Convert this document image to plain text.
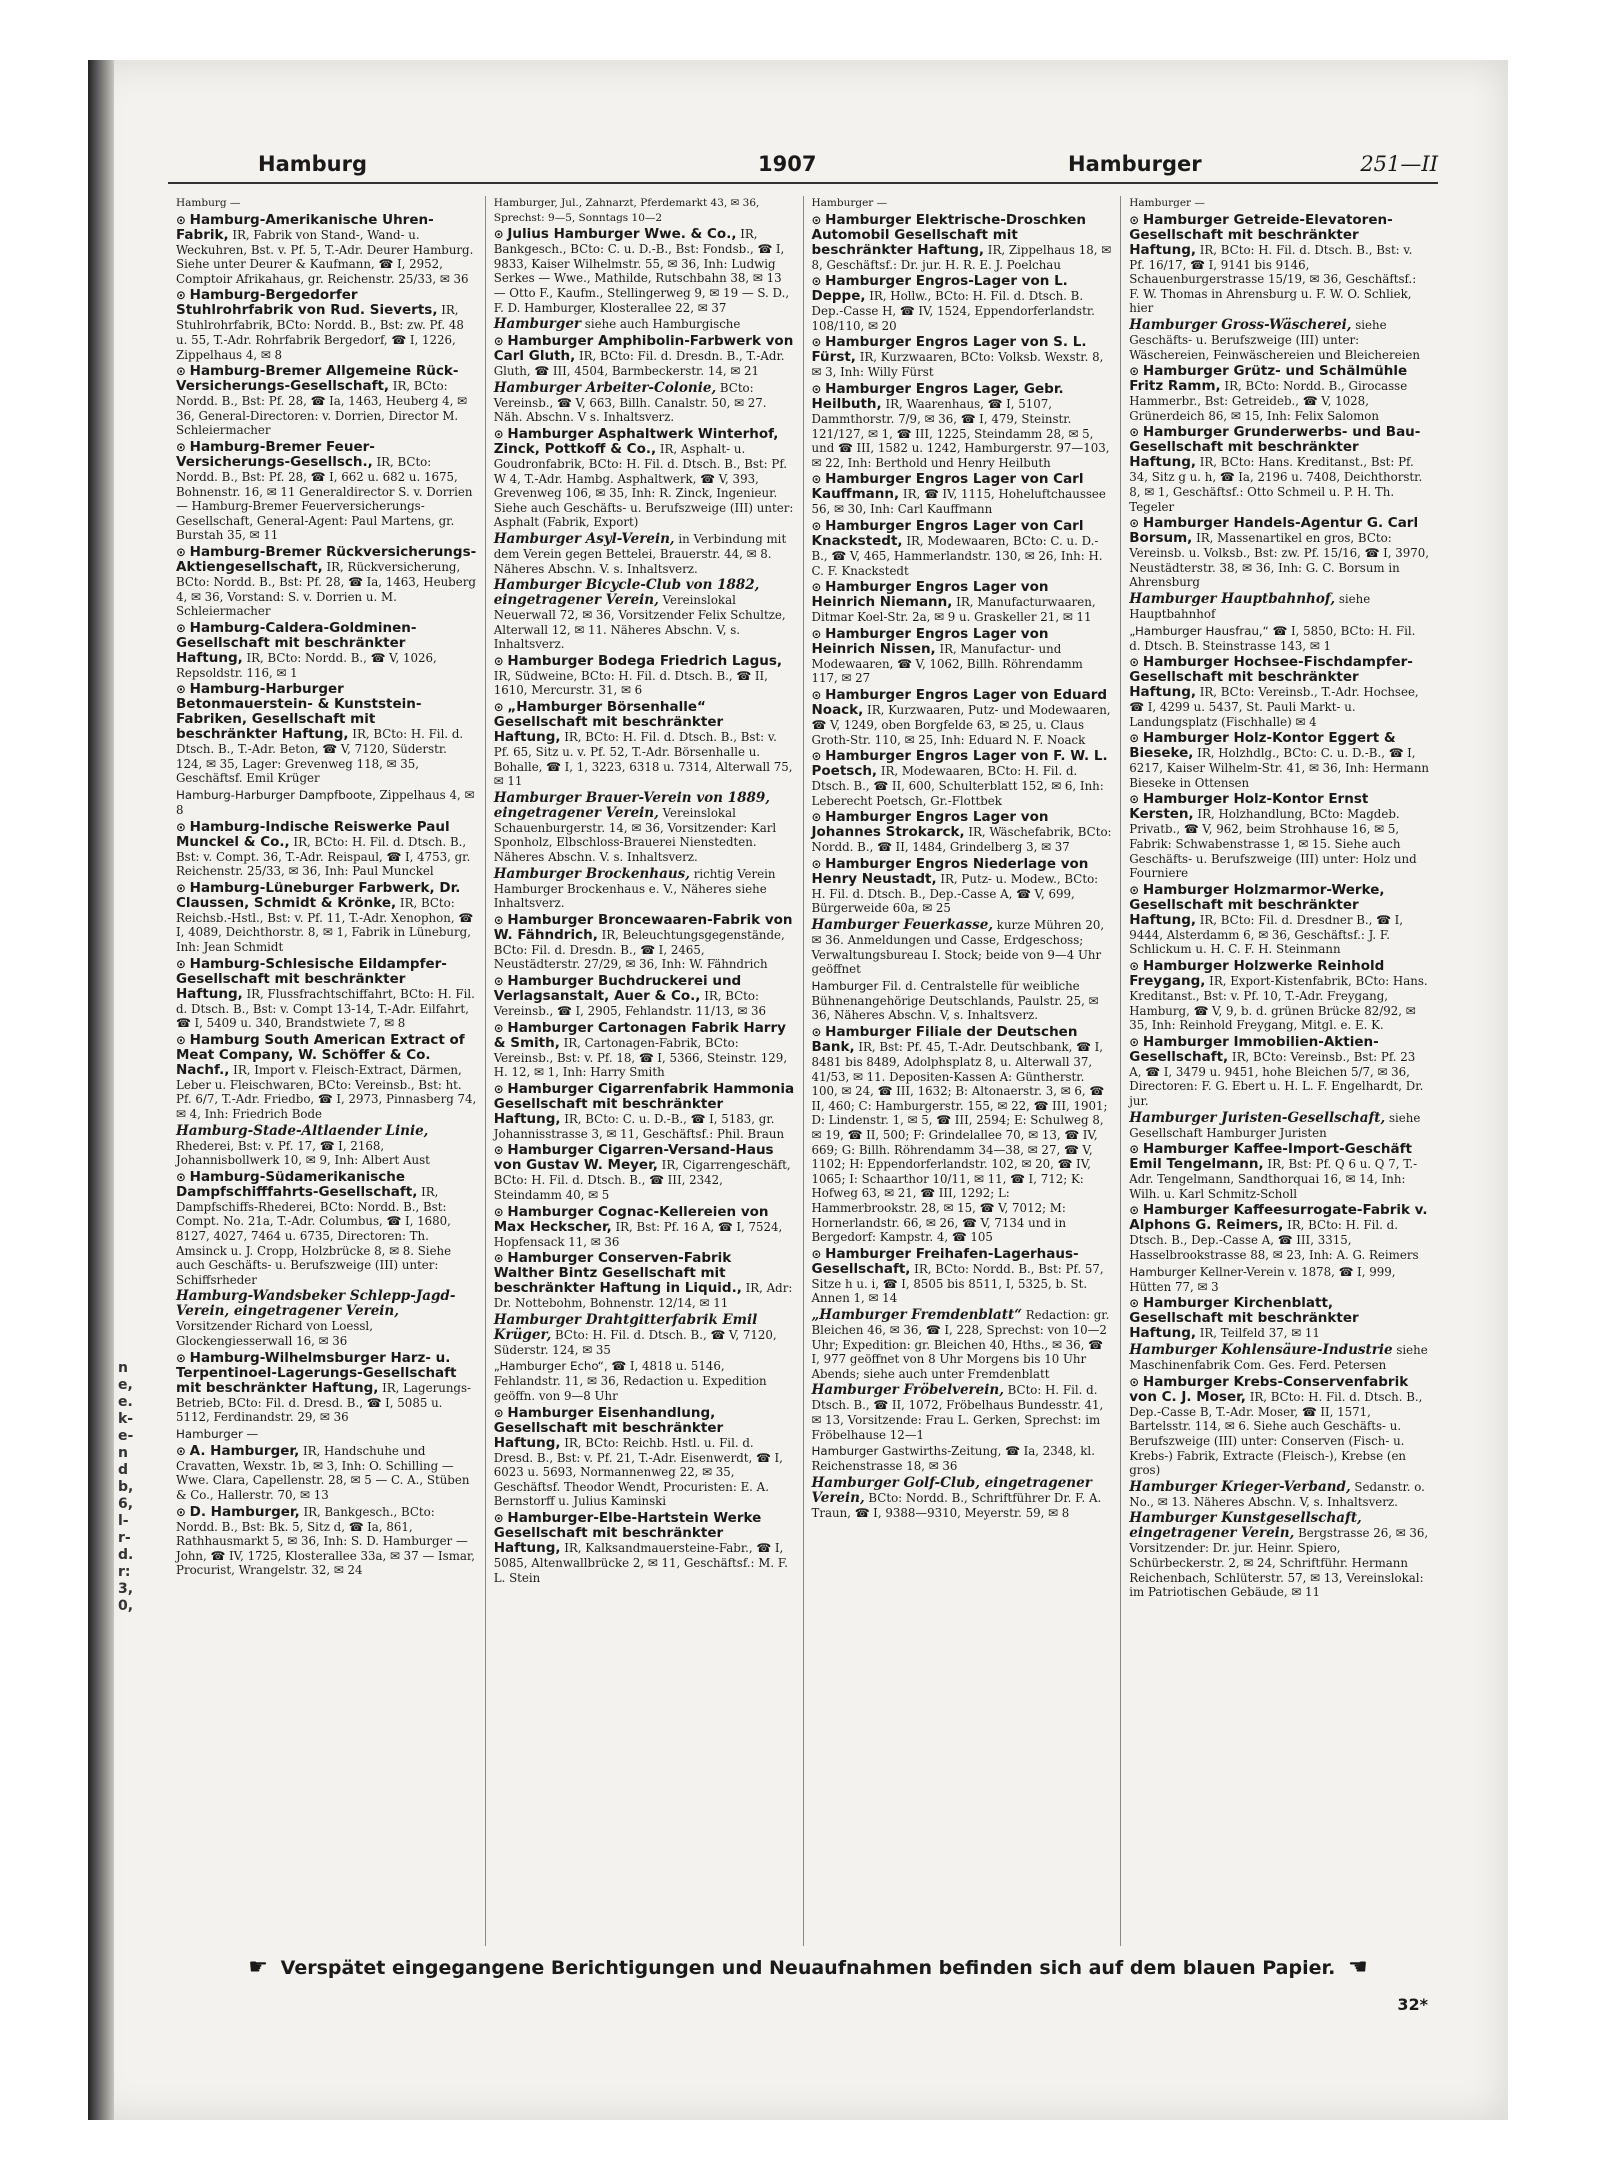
n
e,
e.
k-
e-
n
d
b,
6,
l-
r-
d.
r:
3,
0,
Hamburg	1907	Hamburger	251—II
Hamburg —
⊙ Hamburg-Amerikanische Uhren-Fabrik, IR, Fabrik von Stand-, Wand- u. Weckuhren, Bst. v. Pf. 5, T.-Adr. Deurer Hamburg. Siehe unter Deurer & Kaufmann, ☎ I, 2952, Comptoir Afrikahaus, gr. Reichenstr. 25/33, ✉ 36
⊙ Hamburg-Bergedorfer Stuhlrohrfabrik von Rud. Sieverts, IR, Stuhlrohrfabrik, BCto: Nordd. B., Bst: zw. Pf. 48 u. 55, T.-Adr. Rohrfabrik Bergedorf, ☎ I, 1226, Zippelhaus 4, ✉ 8
⊙ Hamburg-Bremer Allgemeine Rück-Versicherungs-Gesellschaft, IR, BCto: Nordd. B., Bst: Pf. 28, ☎ Ia, 1463, Heuberg 4, ✉ 36, General-Directoren: v. Dorrien, Director M. Schleiermacher
⊙ Hamburg-Bremer Feuer-Versicherungs-Gesellsch., IR, BCto: Nordd. B., Bst: Pf. 28, ☎ I, 662 u. 682 u. 1675, Bohnenstr. 16, ✉ 11 Generaldirector S. v. Dorrien — Hamburg-Bremer Feuerversicherungs-Gesellschaft, General-Agent: Paul Martens, gr. Burstah 35, ✉ 11
⊙ Hamburg-Bremer Rückversicherungs-Aktiengesellschaft, IR, Rückversicherung, BCto: Nordd. B., Bst: Pf. 28, ☎ Ia, 1463, Heuberg 4, ✉ 36, Vorstand: S. v. Dorrien u. M. Schleiermacher
⊙ Hamburg-Caldera-Goldminen-Gesellschaft mit beschränkter Haftung, IR, BCto: Nordd. B., ☎ V, 1026, Repsoldstr. 116, ✉ 1
⊙ Hamburg-Harburger Betonmauerstein- & Kunststein-Fabriken, Gesellschaft mit beschränkter Haftung, IR, BCto: H. Fil. d. Dtsch. B., T.-Adr. Beton, ☎ V, 7120, Süderstr. 124, ✉ 35, Lager: Grevenweg 118, ✉ 35, Geschäftsf. Emil Krüger
Hamburg-Harburger Dampfboote, Zippelhaus 4, ✉ 8
⊙ Hamburg-Indische Reiswerke Paul Munckel & Co., IR, BCto: H. Fil. d. Dtsch. B., Bst: v. Compt. 36, T.-Adr. Reispaul, ☎ I, 4753, gr. Reichenstr. 25/33, ✉ 36, Inh: Paul Munckel
⊙ Hamburg-Lüneburger Farbwerk, Dr. Claussen, Schmidt & Krönke, IR, BCto: Reichsb.-Hstl., Bst: v. Pf. 11, T.-Adr. Xenophon, ☎ I, 4089, Deichthorstr. 8, ✉ 1, Fabrik in Lüneburg, Inh: Jean Schmidt
⊙ Hamburg-Schlesische Eildampfer-Gesellschaft mit beschränkter Haftung, IR, Flussfrachtschiffahrt, BCto: H. Fil. d. Dtsch. B., Bst: v. Compt 13-14, T.-Adr. Eilfahrt, ☎ I, 5409 u. 340, Brandstwiete 7, ✉ 8
⊙ Hamburg South American Extract of Meat Company, W. Schöffer & Co. Nachf., IR, Import v. Fleisch-Extract, Därmen, Leber u. Fleischwaren, BCto: Vereinsb., Bst: ht. Pf. 6/7, T.-Adr. Friedbo, ☎ I, 2973, Pinnasberg 74, ✉ 4, Inh: Friedrich Bode
Hamburg-Stade-Altlaender Linie, Rhederei, Bst: v. Pf. 17, ☎ I, 2168, Johannisbollwerk 10, ✉ 9, Inh: Albert Aust
⊙ Hamburg-Südamerikanische Dampfschifffahrts-Gesellschaft, IR, Dampfschiffs-Rhederei, BCto: Nordd. B., Bst: Compt. No. 21a, T.-Adr. Columbus, ☎ I, 1680, 8127, 4027, 7464 u. 6735, Directoren: Th. Amsinck u. J. Cropp, Holzbrücke 8, ✉ 8. Siehe auch Geschäfts- u. Berufszweige (III) unter: Schiffsrheder
Hamburg-Wandsbeker Schlepp-Jagd-Verein, eingetragener Verein, Vorsitzender Richard von Loessl, Glockengiesserwall 16, ✉ 36
⊙ Hamburg-Wilhelmsburger Harz- u. Terpentinoel-Lagerungs-Gesellschaft mit beschränkter Haftung, IR, Lagerungs-Betrieb, BCto: Fil. d. Dresd. B., ☎ I, 5085 u. 5112, Ferdinandstr. 29, ✉ 36
Hamburger —
⊙ A. Hamburger, IR, Handschuhe und Cravatten, Wexstr. 1b, ✉ 3, Inh: O. Schilling — Wwe. Clara, Capellenstr. 28, ✉ 5 — C. A., Stüben & Co., Hallerstr. 70, ✉ 13
⊙ D. Hamburger, IR, Bankgesch., BCto: Nordd. B., Bst: Bk. 5, Sitz d, ☎ Ia, 861, Rathhausmarkt 5, ✉ 36, Inh: S. D. Hamburger — John, ☎ IV, 1725, Klosterallee 33a, ✉ 37 — Ismar, Procurist, Wrangelstr. 32, ✉ 24
Hamburger, Jul., Zahnarzt, Pferdemarkt 43, ✉ 36, Sprechst: 9—5, Sonntags 10—2
⊙ Julius Hamburger Wwe. & Co., IR, Bankgesch., BCto: C. u. D.-B., Bst: Fondsb., ☎ I, 9833, Kaiser Wilhelmstr. 55, ✉ 36, Inh: Ludwig Serkes — Wwe., Mathilde, Rutschbahn 38, ✉ 13 — Otto F., Kaufm., Stellingerweg 9, ✉ 19 — S. D., F. D. Hamburger, Klosterallee 22, ✉ 37
Hamburger siehe auch Hamburgische
⊙ Hamburger Amphibolin-Farbwerk von Carl Gluth, IR, BCto: Fil. d. Dresdn. B., T.-Adr. Gluth, ☎ III, 4504, Barmbeckerstr. 14, ✉ 21
Hamburger Arbeiter-Colonie, BCto: Vereinsb., ☎ V, 663, Billh. Canalstr. 50, ✉ 27. Näh. Abschn. V s. Inhaltsverz.
⊙ Hamburger Asphaltwerk Winterhof, Zinck, Pottkoff & Co., IR, Asphalt- u. Goudronfabrik, BCto: H. Fil. d. Dtsch. B., Bst: Pf. W 4, T.-Adr. Hambg. Asphaltwerk, ☎ V, 393, Grevenweg 106, ✉ 35, Inh: R. Zinck, Ingenieur. Siehe auch Geschäfts- u. Berufszweige (III) unter: Asphalt (Fabrik, Export)
Hamburger Asyl-Verein, in Verbindung mit dem Verein gegen Bettelei, Brauerstr. 44, ✉ 8. Näheres Abschn. V. s. Inhaltsverz.
Hamburger Bicycle-Club von 1882, eingetragener Verein, Vereinslokal Neuerwall 72, ✉ 36, Vorsitzender Felix Schultze, Alterwall 12, ✉ 11. Näheres Abschn. V, s. Inhaltsverz.
⊙ Hamburger Bodega Friedrich Lagus, IR, Südweine, BCto: H. Fil. d. Dtsch. B., ☎ II, 1610, Mercurstr. 31, ✉ 6
⊙ „Hamburger Börsenhalle“ Gesellschaft mit beschränkter Haftung, IR, BCto: H. Fil. d. Dtsch. B., Bst: v. Pf. 65, Sitz u. v. Pf. 52, T.-Adr. Börsenhalle u. Bohalle, ☎ I, 1, 3223, 6318 u. 7314, Alterwall 75, ✉ 11
Hamburger Brauer-Verein von 1889, eingetragener Verein, Vereinslokal Schauenburgerstr. 14, ✉ 36, Vorsitzender: Karl Sponholz, Elbschloss-Brauerei Nienstedten. Näheres Abschn. V. s. Inhaltsverz.
Hamburger Brockenhaus, richtig Verein Hamburger Brockenhaus e. V., Näheres siehe Inhaltsverz.
⊙ Hamburger Broncewaaren-Fabrik von W. Fähndrich, IR, Beleuchtungsgegenstände, BCto: Fil. d. Dresdn. B., ☎ I, 2465, Neustädterstr. 27/29, ✉ 36, Inh: W. Fähndrich
⊙ Hamburger Buchdruckerei und Verlagsanstalt, Auer & Co., IR, BCto: Vereinsb., ☎ I, 2905, Fehlandstr. 11/13, ✉ 36
⊙ Hamburger Cartonagen Fabrik Harry & Smith, IR, Cartonagen-Fabrik, BCto: Vereinsb., Bst: v. Pf. 18, ☎ I, 5366, Steinstr. 129, H. 12, ✉ 1, Inh: Harry Smith
⊙ Hamburger Cigarrenfabrik Hammonia Gesellschaft mit beschränkter Haftung, IR, BCto: C. u. D.-B., ☎ I, 5183, gr. Johannisstrasse 3, ✉ 11, Geschäftsf.: Phil. Braun
⊙ Hamburger Cigarren-Versand-Haus von Gustav W. Meyer, IR, Cigarrengeschäft, BCto: H. Fil. d. Dtsch. B., ☎ III, 2342, Steindamm 40, ✉ 5
⊙ Hamburger Cognac-Kellereien von Max Heckscher, IR, Bst: Pf. 16 A, ☎ I, 7524, Hopfensack 11, ✉ 36
⊙ Hamburger Conserven-Fabrik Walther Bintz Gesellschaft mit beschränkter Haftung in Liquid., IR, Adr: Dr. Nottebohm, Bohnenstr. 12/14, ✉ 11
Hamburger Drahtgitterfabrik Emil Krüger, BCto: H. Fil. d. Dtsch. B., ☎ V, 7120, Süderstr. 124, ✉ 35
„Hamburger Echo“, ☎ I, 4818 u. 5146, Fehlandstr. 11, ✉ 36, Redaction u. Expedition geöffn. von 9—8 Uhr
⊙ Hamburger Eisenhandlung, Gesellschaft mit beschränkter Haftung, IR, BCto: Reichb. Hstl. u. Fil. d. Dresd. B., Bst: v. Pf. 21, T.-Adr. Eisenwerdt, ☎ I, 6023 u. 5693, Normannenweg 22, ✉ 35, Geschäftsf. Theodor Wendt, Procuristen: E. A. Bernstorff u. Julius Kaminski
⊙ Hamburger-Elbe-Hartstein Werke Gesellschaft mit beschränkter Haftung, IR, Kalksandmauersteine-Fabr., ☎ I, 5085, Altenwallbrücke 2, ✉ 11, Geschäftsf.: M. F. L. Stein
Hamburger —
⊙ Hamburger Elektrische-Droschken Automobil Gesellschaft mit beschränkter Haftung, IR, Zippelhaus 18, ✉ 8, Geschäftsf.: Dr. jur. H. R. E. J. Poelchau
⊙ Hamburger Engros-Lager von L. Deppe, IR, Hollw., BCto: H. Fil. d. Dtsch. B. Dep.-Casse H, ☎ IV, 1524, Eppendorferlandstr. 108/110, ✉ 20
⊙ Hamburger Engros Lager von S. L. Fürst, IR, Kurzwaaren, BCto: Volksb. Wexstr. 8, ✉ 3, Inh: Willy Fürst
⊙ Hamburger Engros Lager, Gebr. Heilbuth, IR, Waarenhaus, ☎ I, 5107, Dammthorstr. 7/9, ✉ 36, ☎ I, 479, Steinstr. 121/127, ✉ 1, ☎ III, 1225, Steindamm 28, ✉ 5, und ☎ III, 1582 u. 1242, Hamburgerstr. 97—103, ✉ 22, Inh: Berthold und Henry Heilbuth
⊙ Hamburger Engros Lager von Carl Kauffmann, IR, ☎ IV, 1115, Hoheluftchaussee 56, ✉ 30, Inh: Carl Kauffmann
⊙ Hamburger Engros Lager von Carl Knackstedt, IR, Modewaaren, BCto: C. u. D.-B., ☎ V, 465, Hammerlandstr. 130, ✉ 26, Inh: H. C. F. Knackstedt
⊙ Hamburger Engros Lager von Heinrich Niemann, IR, Manufacturwaaren, Ditmar Koel-Str. 2a, ✉ 9 u. Graskeller 21, ✉ 11
⊙ Hamburger Engros Lager von Heinrich Nissen, IR, Manufactur- und Modewaaren, ☎ V, 1062, Billh. Röhrendamm 117, ✉ 27
⊙ Hamburger Engros Lager von Eduard Noack, IR, Kurzwaaren, Putz- und Modewaaren, ☎ V, 1249, oben Borgfelde 63, ✉ 25, u. Claus Groth-Str. 110, ✉ 25, Inh: Eduard N. F. Noack
⊙ Hamburger Engros Lager von F. W. L. Poetsch, IR, Modewaaren, BCto: H. Fil. d. Dtsch. B., ☎ II, 600, Schulterblatt 152, ✉ 6, Inh: Leberecht Poetsch, Gr.-Flottbek
⊙ Hamburger Engros Lager von Johannes Strokarck, IR, Wäschefabrik, BCto: Nordd. B., ☎ II, 1484, Grindelberg 3, ✉ 37
⊙ Hamburger Engros Niederlage von Henry Neustadt, IR, Putz- u. Modew., BCto: H. Fil. d. Dtsch. B., Dep.-Casse A, ☎ V, 699, Bürgerweide 60a, ✉ 25
Hamburger Feuerkasse, kurze Mühren 20, ✉ 36. Anmeldungen und Casse, Erdgeschoss; Verwaltungsbureau I. Stock; beide von 9—4 Uhr geöffnet
Hamburger Fil. d. Centralstelle für weibliche Bühnenangehörige Deutschlands, Paulstr. 25, ✉ 36, Näheres Abschn. V, s. Inhaltsverz.
⊙ Hamburger Filiale der Deutschen Bank, IR, Bst: Pf. 45, T.-Adr. Deutschbank, ☎ I, 8481 bis 8489, Adolphsplatz 8, u. Alterwall 37, 41/53, ✉ 11. Depositen-Kassen A: Güntherstr. 100, ✉ 24, ☎ III, 1632; B: Altonaerstr. 3, ✉ 6, ☎ II, 460; C: Hamburgerstr. 155, ✉ 22, ☎ III, 1901; D: Lindenstr. 1, ✉ 5, ☎ III, 2594; E: Schulweg 8, ✉ 19, ☎ II, 500; F: Grindelallee 70, ✉ 13, ☎ IV, 669; G: Billh. Röhrendamm 34—38, ✉ 27, ☎ V, 1102; H: Eppendorferlandstr. 102, ✉ 20, ☎ IV, 1065; I: Schaarthor 10/11, ✉ 11, ☎ I, 712; K: Hofweg 63, ✉ 21, ☎ III, 1292; L: Hammerbrookstr. 28, ✉ 15, ☎ V, 7012; M: Hornerlandstr. 66, ✉ 26, ☎ V, 7134 und in Bergedorf: Kampstr. 4, ☎ 105
⊙ Hamburger Freihafen-Lagerhaus-Gesellschaft, IR, BCto: Nordd. B., Bst: Pf. 57, Sitze h u. i, ☎ I, 8505 bis 8511, I, 5325, b. St. Annen 1, ✉ 14
„Hamburger Fremdenblatt“ Redaction: gr. Bleichen 46, ✉ 36, ☎ I, 228, Sprechst: von 10—2 Uhr; Expedition: gr. Bleichen 40, Hths., ✉ 36, ☎ I, 977 geöffnet von 8 Uhr Morgens bis 10 Uhr Abends; siehe auch unter Fremdenblatt
Hamburger Fröbelverein, BCto: H. Fil. d. Dtsch. B., ☎ II, 1072, Fröbelhaus Bundesstr. 41, ✉ 13, Vorsitzende: Frau L. Gerken, Sprechst: im Fröbelhause 12—1
Hamburger Gastwirths-Zeitung, ☎ Ia, 2348, kl. Reichenstrasse 18, ✉ 36
Hamburger Golf-Club, eingetragener Verein, BCto: Nordd. B., Schriftführer Dr. F. A. Traun, ☎ I, 9388—9310, Meyerstr. 59, ✉ 8
Hamburger —
⊙ Hamburger Getreide-Elevatoren-Gesellschaft mit beschränkter Haftung, IR, BCto: H. Fil. d. Dtsch. B., Bst: v. Pf. 16/17, ☎ I, 9141 bis 9146, Schauenburgerstrasse 15/19, ✉ 36, Geschäftsf.: F. W. Thomas in Ahrensburg u. F. W. O. Schliek, hier
Hamburger Gross-Wäscherei, siehe Geschäfts- u. Berufszweige (III) unter: Wäschereien, Feinwäschereien und Bleichereien
⊙ Hamburger Grütz- und Schälmühle Fritz Ramm, IR, BCto: Nordd. B., Girocasse Hammerbr., Bst: Getreideb., ☎ V, 1028, Grünerdeich 86, ✉ 15, Inh: Felix Salomon
⊙ Hamburger Grunderwerbs- und Bau-Gesellschaft mit beschränkter Haftung, IR, BCto: Hans. Kreditanst., Bst: Pf. 34, Sitz g u. h, ☎ Ia, 2196 u. 7408, Deichthorstr. 8, ✉ 1, Geschäftsf.: Otto Schmeil u. P. H. Th. Tegeler
⊙ Hamburger Handels-Agentur G. Carl Borsum, IR, Massenartikel en gros, BCto: Vereinsb. u. Volksb., Bst: zw. Pf. 15/16, ☎ I, 3970, Neustädterstr. 38, ✉ 36, Inh: G. C. Borsum in Ahrensburg
Hamburger Hauptbahnhof, siehe Hauptbahnhof
„Hamburger Hausfrau,“ ☎ I, 5850, BCto: H. Fil. d. Dtsch. B. Steinstrasse 143, ✉ 1
⊙ Hamburger Hochsee-Fischdampfer-Gesellschaft mit beschränkter Haftung, IR, BCto: Vereinsb., T.-Adr. Hochsee, ☎ I, 4299 u. 5437, St. Pauli Markt- u. Landungsplatz (Fischhalle) ✉ 4
⊙ Hamburger Holz-Kontor Eggert & Bieseke, IR, Holzhdlg., BCto: C. u. D.-B., ☎ I, 6217, Kaiser Wilhelm-Str. 41, ✉ 36, Inh: Hermann Bieseke in Ottensen
⊙ Hamburger Holz-Kontor Ernst Kersten, IR, Holzhandlung, BCto: Magdeb. Privatb., ☎ V, 962, beim Strohhause 16, ✉ 5, Fabrik: Schwabenstrasse 1, ✉ 15. Siehe auch Geschäfts- u. Berufszweige (III) unter: Holz und Fourniere
⊙ Hamburger Holzmarmor-Werke, Gesellschaft mit beschränkter Haftung, IR, BCto: Fil. d. Dresdner B., ☎ I, 9444, Alsterdamm 6, ✉ 36, Geschäftsf.: J. F. Schlickum u. H. C. F. H. Steinmann
⊙ Hamburger Holzwerke Reinhold Freygang, IR, Export-Kistenfabrik, BCto: Hans. Kreditanst., Bst: v. Pf. 10, T.-Adr. Freygang, Hamburg, ☎ V, 9, b. d. grünen Brücke 82/92, ✉ 35, Inh: Reinhold Freygang, Mitgl. e. E. K.
⊙ Hamburger Immobilien-Aktien-Gesellschaft, IR, BCto: Vereinsb., Bst: Pf. 23 A, ☎ I, 3479 u. 9451, hohe Bleichen 5/7, ✉ 36, Directoren: F. G. Ebert u. H. L. F. Engelhardt, Dr. jur.
Hamburger Juristen-Gesellschaft, siehe Gesellschaft Hamburger Juristen
⊙ Hamburger Kaffee-Import-Geschäft Emil Tengelmann, IR, Bst: Pf. Q 6 u. Q 7, T.-Adr. Tengelmann, Sandthorquai 16, ✉ 14, Inh: Wilh. u. Karl Schmitz-Scholl
⊙ Hamburger Kaffeesurrogate-Fabrik v. Alphons G. Reimers, IR, BCto: H. Fil. d. Dtsch. B., Dep.-Casse A, ☎ III, 3315, Hasselbrookstrasse 88, ✉ 23, Inh: A. G. Reimers
Hamburger Kellner-Verein v. 1878, ☎ I, 999, Hütten 77, ✉ 3
⊙ Hamburger Kirchenblatt, Gesellschaft mit beschränkter Haftung, IR, Teilfeld 37, ✉ 11
Hamburger Kohlensäure-Industrie siehe Maschinenfabrik Com. Ges. Ferd. Petersen
⊙ Hamburger Krebs-Conservenfabrik von C. J. Moser, IR, BCto: H. Fil. d. Dtsch. B., Dep.-Casse B, T.-Adr. Moser, ☎ II, 1571, Bartelsstr. 114, ✉ 6. Siehe auch Geschäfts- u. Berufszweige (III) unter: Conserven (Fisch- u. Krebs-) Fabrik, Extracte (Fleisch-), Krebse (en gros)
Hamburger Krieger-Verband, Sedanstr. o. No., ✉ 13. Näheres Abschn. V, s. Inhaltsverz.
Hamburger Kunstgesellschaft, eingetragener Verein, Bergstrasse 26, ✉ 36, Vorsitzender: Dr. jur. Heinr. Spiero, Schürbeckerstr. 2, ✉ 24, Schriftführ. Hermann Reichenbach, Schlüterstr. 57, ✉ 13, Vereinslokal: im Patriotischen Gebäude, ✉ 11
☛ Verspätet eingegangene Berichtigungen und Neuaufnahmen befinden sich auf dem blauen Papier. ☚
32*
